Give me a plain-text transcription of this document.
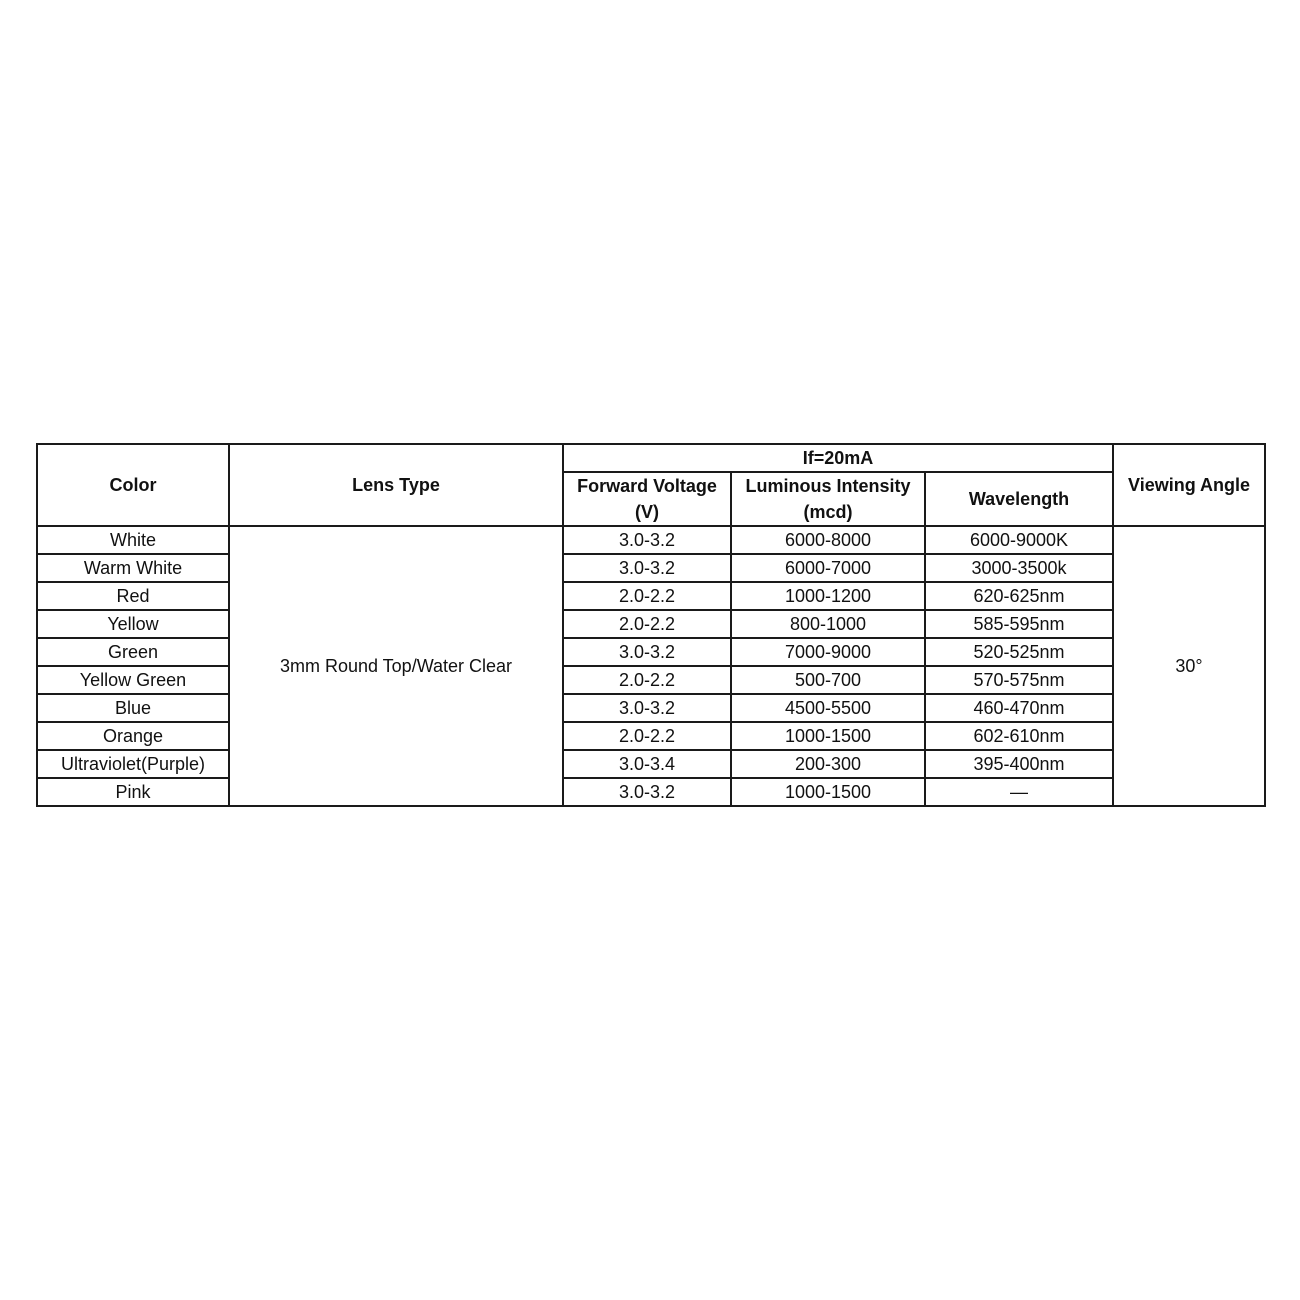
Color	Lens Type	If=20mA			Viewing Angle
		Forward Voltage (V)	Luminous Intensity (mcd)	Wavelength	
White	3mm Round Top/Water Clear	3.0-3.2	6000-8000	6000-9000K	30°
Warm White		3.0-3.2	6000-7000	3000-3500k	
Red		2.0-2.2	1000-1200	620-625nm	
Yellow		2.0-2.2	800-1000	585-595nm	
Green		3.0-3.2	7000-9000	520-525nm	
Yellow Green		2.0-2.2	500-700	570-575nm	
Blue		3.0-3.2	4500-5500	460-470nm	
Orange		2.0-2.2	1000-1500	602-610nm	
Ultraviolet(Purple)		3.0-3.4	200-300	395-400nm	
Pink		3.0-3.2	1000-1500	—	
